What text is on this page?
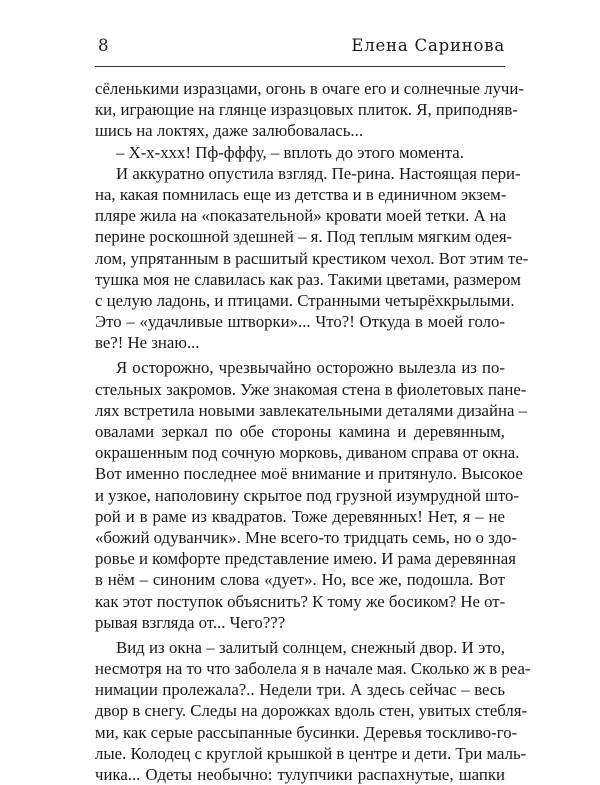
8	Елена Саринова
сёленькими изразцами, огонь в очаге его и солнечные лучи-
ки, играющие на глянце изразцовых плиток. Я, приподняв-
шись на локтях, даже залюбовалась...
– Х-х-ххх! Пф-фффу, – вплоть до этого момента.
И аккуратно опустила взгляд. Пе-рина. Настоящая пери-
на, какая помнилась еще из детства и в единичном экзем-
пляре жила на «показательной» кровати моей тетки. А на
перине роскошной здешней – я. Под теплым мягким одея-
лом, упрятанным в расшитый крестиком чехол. Вот этим те-
тушка моя не славилась как раз. Такими цветами, размером
с целую ладонь, и птицами. Странными четырёхкрылыми.
Это – «удачливые штворки»... Что?! Откуда в моей голо-
ве?! Не знаю...
Я осторожно, чрезвычайно осторожно вылезла из по-
стельных закромов. Уже знакомая стена в фиолетовых пане-
лях встретила новыми завлекательными деталями дизайна –
овалами зеркал по обе стороны камина и деревянным,
окрашенным под сочную морковь, диваном справа от окна.
Вот именно последнее моё внимание и притянуло. Высокое
и узкое, наполовину скрытое под грузной изумрудной што-
рой и в раме из квадратов. Тоже деревянных! Нет, я – не
«божий одуванчик». Мне всего-то тридцать семь, но о здо-
ровье и комфорте представление имею. И рама деревянная
в нём – синоним слова «дует». Но, все же, подошла. Вот
как этот поступок объяснить? К тому же босиком? Не от-
рывая взгляда от... Чего???
Вид из окна – залитый солнцем, снежный двор. И это,
несмотря на то что заболела я в начале мая. Сколько ж в реа-
нимации пролежала?.. Недели три. А здесь сейчас – весь
двор в снегу. Следы на дорожках вдоль стен, увитых стебля-
ми, как серые рассыпанные бусинки. Деревья тоскливо-го-
лые. Колодец с круглой крышкой в центре и дети. Три маль-
чика... Одеты необычно: тулупчики распахнутые, шапки
